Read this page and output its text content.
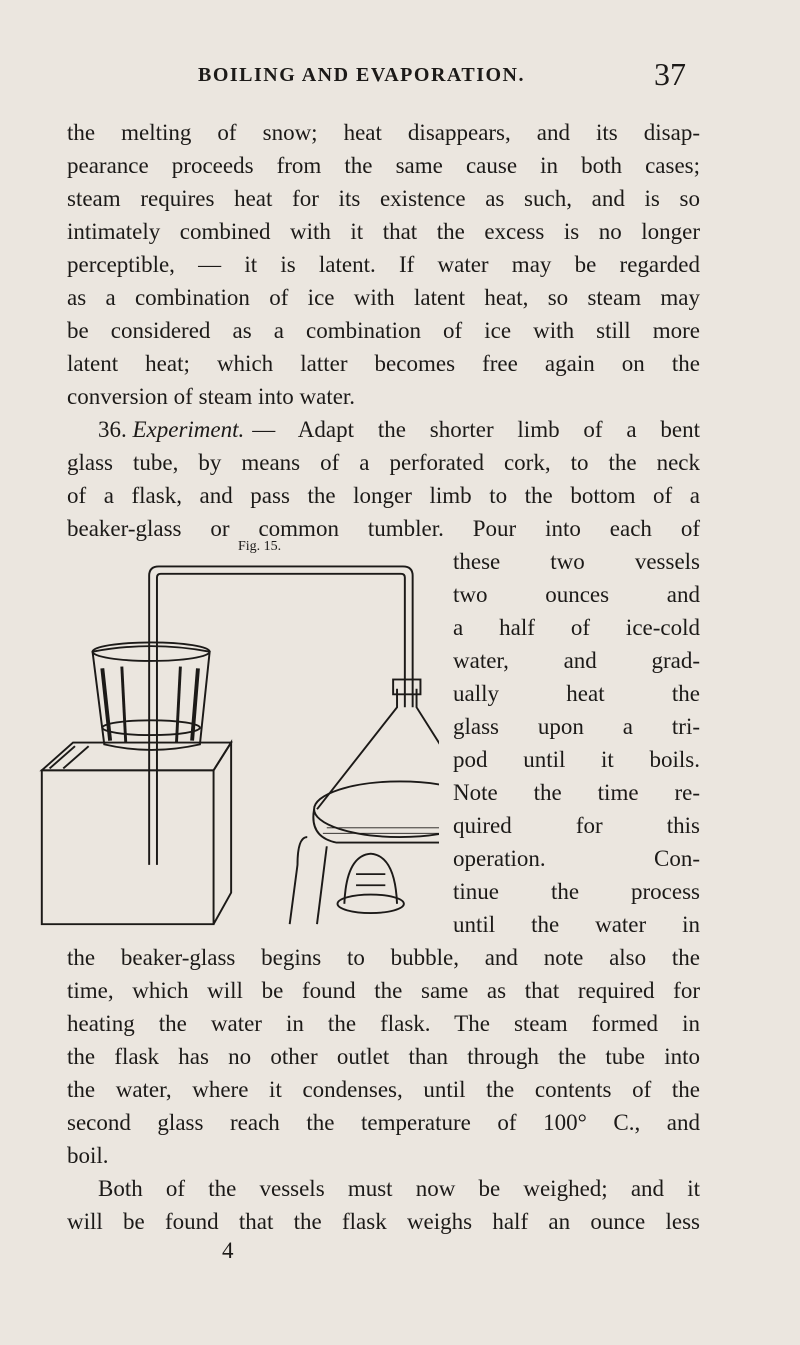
BOILING AND EVAPORATION.	37
the melting of snow; heat disappears, and its disap-
pearance proceeds from the same cause in both cases;
steam requires heat for its existence as such, and is so
intimately combined with it that the excess is no longer
perceptible, — it is latent. If water may be regarded
as a combination of ice with latent heat, so steam may
be considered as a combination of ice with still more
latent heat; which latter becomes free again on the
conversion of steam into water.
36. Experiment. — Adapt the shorter limb of a bent
glass tube, by means of a perforated cork, to the neck
of a flask, and pass the longer limb to the bottom of a
beaker-glass or common tumbler. Pour into each of
Fig. 15.
these two vessels
two ounces and
a half of ice-cold
water, and grad-
ually heat the
glass upon a tri-
pod until it boils.
Note the time re-
quired for this
operation. Con-
tinue the process
until the water in
the beaker-glass begins to bubble, and note also the
time, which will be found the same as that required for
heating the water in the flask. The steam formed in
the flask has no other outlet than through the tube into
the water, where it condenses, until the contents of the
second glass reach the temperature of 100° C., and
boil.
Both of the vessels must now be weighed; and it
will be found that the flask weighs half an ounce less
4
